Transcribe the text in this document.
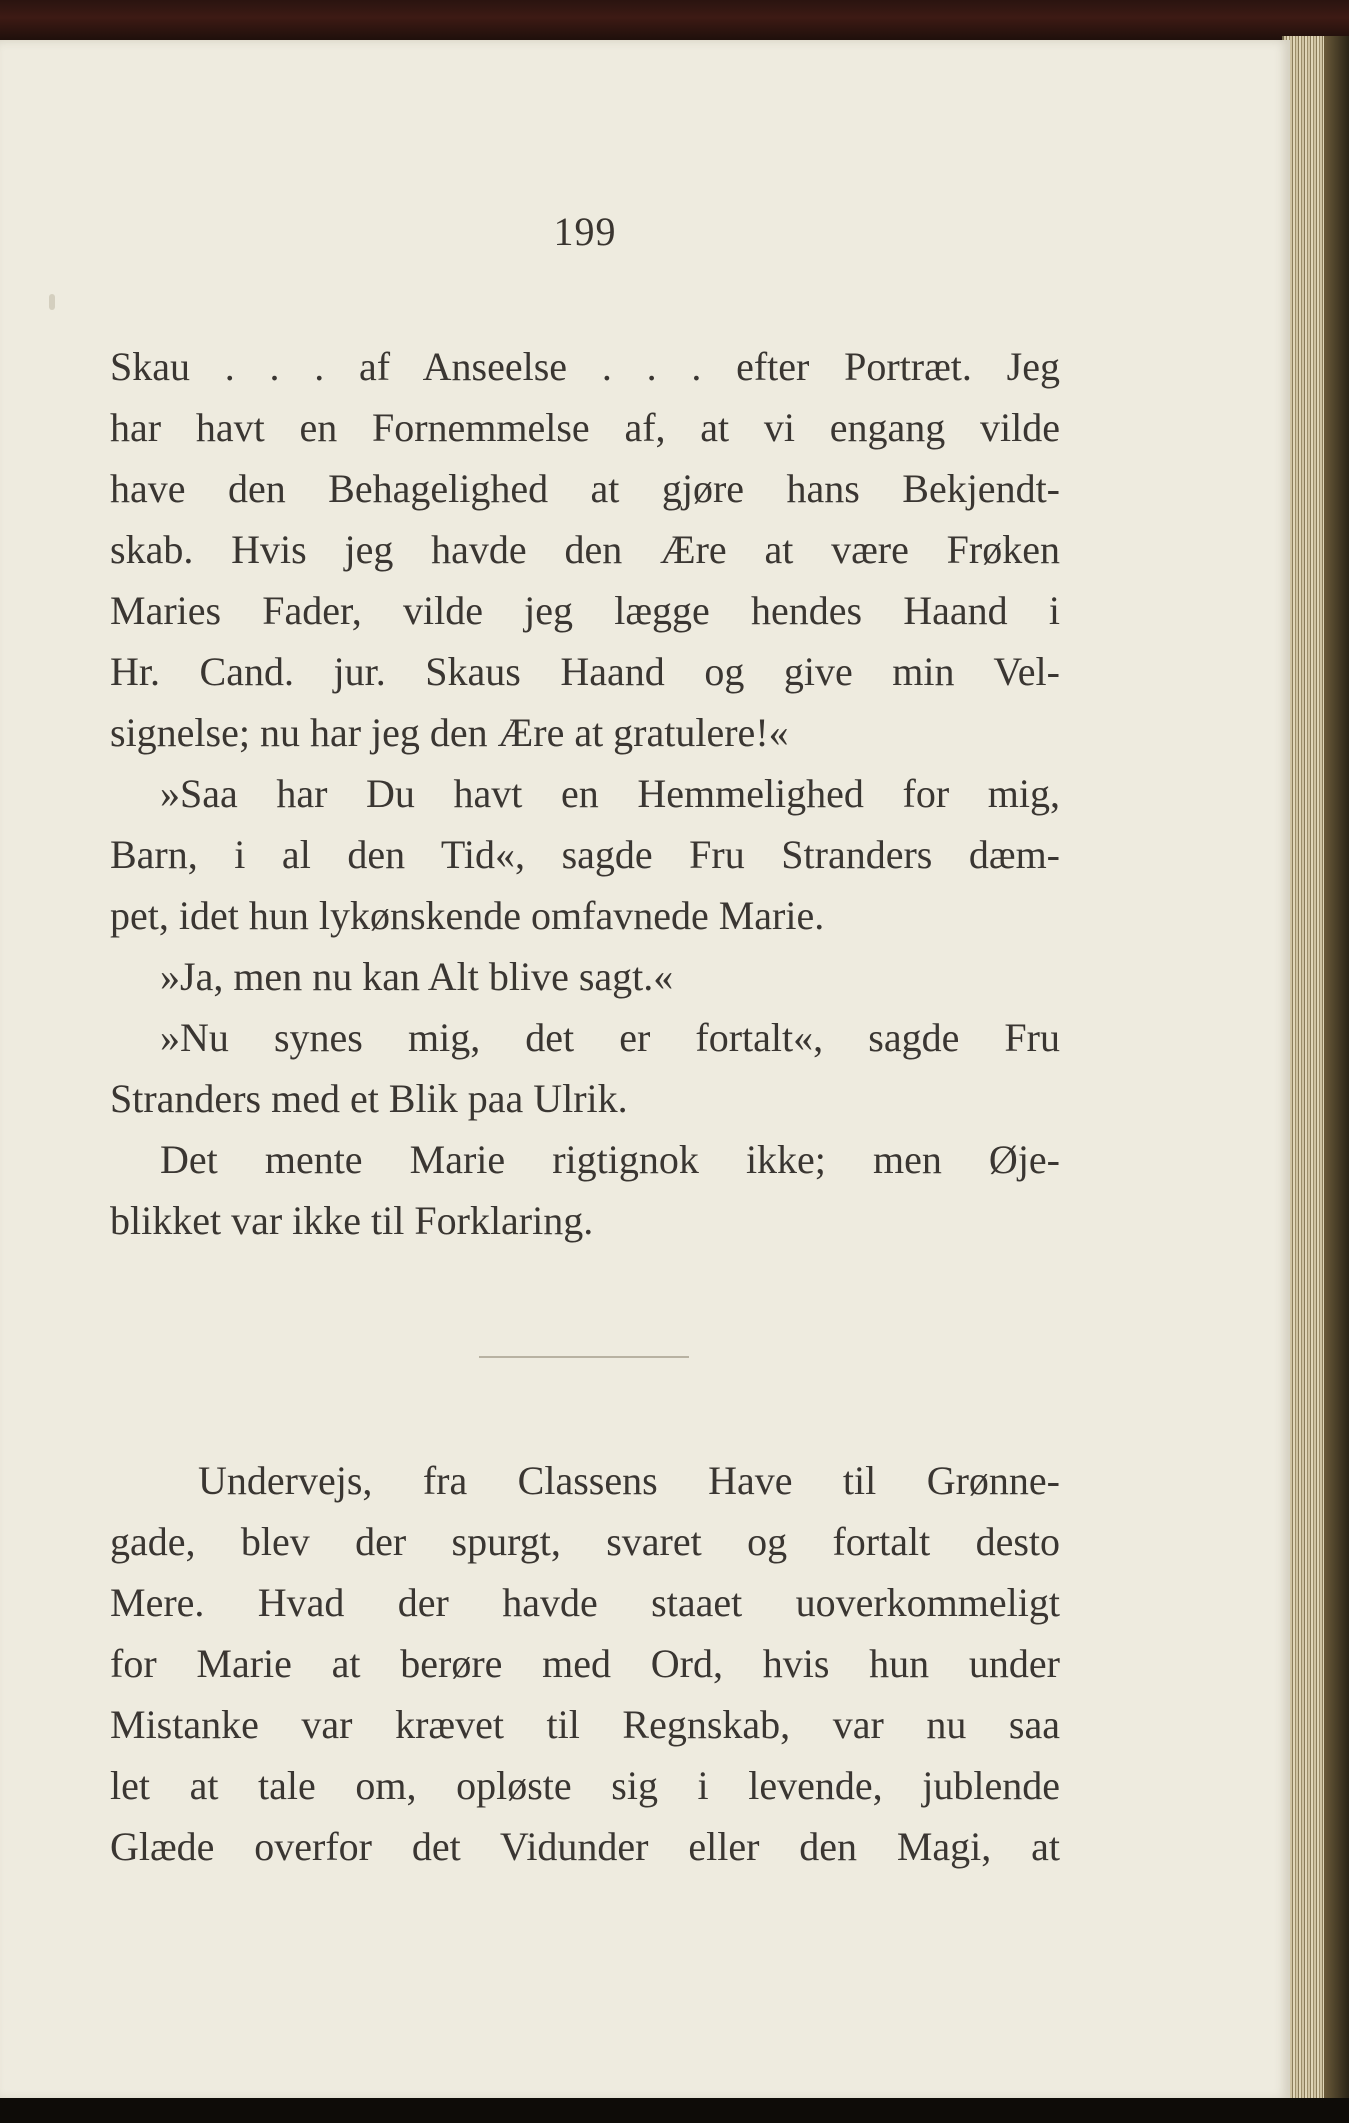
199
Skau . . . af Anseelse . . . efter Portræt. Jeg
har havt en Fornemmelse af, at vi engang vilde
have den Behagelighed at gjøre hans Bekjendt-
skab. Hvis jeg havde den Ære at være Frøken
Maries Fader, vilde jeg lægge hendes Haand i
Hr. Cand. jur. Skaus Haand og give min Vel-
signelse; nu har jeg den Ære at gratulere!«
»Saa har Du havt en Hemmelighed for mig,
Barn, i al den Tid«, sagde Fru Stranders dæm-
pet, idet hun lykønskende omfavnede Marie.
»Ja, men nu kan Alt blive sagt.«
»Nu synes mig, det er fortalt«, sagde Fru
Stranders med et Blik paa Ulrik.
Det mente Marie rigtignok ikke; men Øje-
blikket var ikke til Forklaring.
Undervejs, fra Classens Have til Grønne-
gade, blev der spurgt, svaret og fortalt desto
Mere. Hvad der havde staaet uoverkommeligt
for Marie at berøre med Ord, hvis hun under
Mistanke var krævet til Regnskab, var nu saa
let at tale om, opløste sig i levende, jublende
Glæde overfor det Vidunder eller den Magi, at
